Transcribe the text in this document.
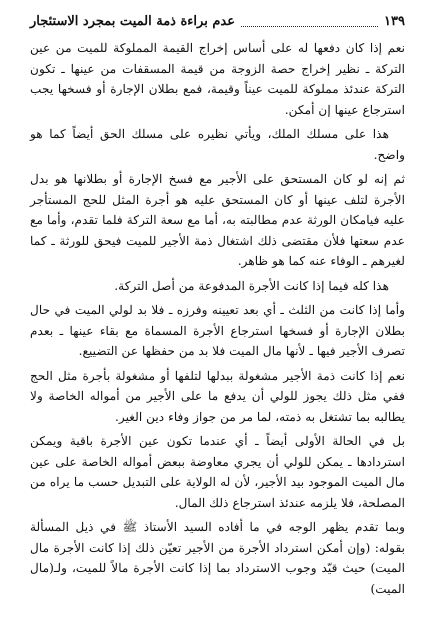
١٣٩
عدم براءة ذمة الميت بمجرد الاستئجار

نعم إذا كان دفعها له على أساس إخراج القيمة المملوكة للميت من عين التركة ـ نظير إخراج حصة الزوجة من قيمة المسقفات من عينها ـ تكون التركة عندئذ مملوكة للميت عيناً وقيمة، فمع بطلان الإجارة أو فسخها يجب استرجاع عينها إن أمكن.

هذا على مسلك الملك، ويأتي نظيره على مسلك الحق أيضاً كما هو واضح.

ثم إنه لو كان المستحق على الأجير مع فسخ الإجارة أو بطلانها هو بدل الأجرة لتلف عينها أو كان المستحق عليه هو أجرة المثل للحج المستأجر عليه فيامكان الورثة عدم مطالبته به، أما مع سعة التركة فلما تقدم، وأما مع عدم سعتها فلأن مقتضى ذلك اشتغال ذمة الأجير للميت فيحق للورثة ـ كما لغيرهم ـ الوفاء عنه كما هو ظاهر.

هذا كله فيما إذا كانت الأجرة المدفوعة من أصل التركة.

وأما إذا كانت من الثلث ـ أي بعد تعيينه وفرزه ـ فلا بد لولي الميت في حال بطلان الإجارة أو فسخها استرجاع الأجرة المسماة مع بقاء عينها ـ بعدم تصرف الأجير فيها ـ لأنها مال الميت فلا بد من حفظها عن التضييع.

نعم إذا كانت ذمة الأجير مشغولة ببدلها لتلفها أو مشغولة بأجرة مثل الحج ففي مثل ذلك يجوز للولي أن يدفع ما على الأجير من أمواله الخاصة ولا يطالبه بما تشتغل به ذمته، لما مر من جواز وفاء دين الغير.

بل في الحالة الأولى أيضاً ـ أي عندما تكون عين الأجرة باقية ويمكن استردادها ـ يمكن للولي أن يجري معاوضة ببعض أمواله الخاصة على عين مال الميت الموجود بيد الأجير، لأن له الولاية على التبديل حسب ما يراه من المصلحة، فلا يلزمه عندئذ استرجاع ذلك المال.

وبما تقدم يظهر الوجه في ما أفاده السيد الأستاذ ﷺ في ذيل المسألة بقوله: (وإن أمكن استرداد الأجرة من الأجير تعيّن ذلك إذا كانت الأجرة مال الميت) حيث قيّد وجوب الاسترداد بما إذا كانت الأجرة مالاً للميت، ولـ(مال الميت)
